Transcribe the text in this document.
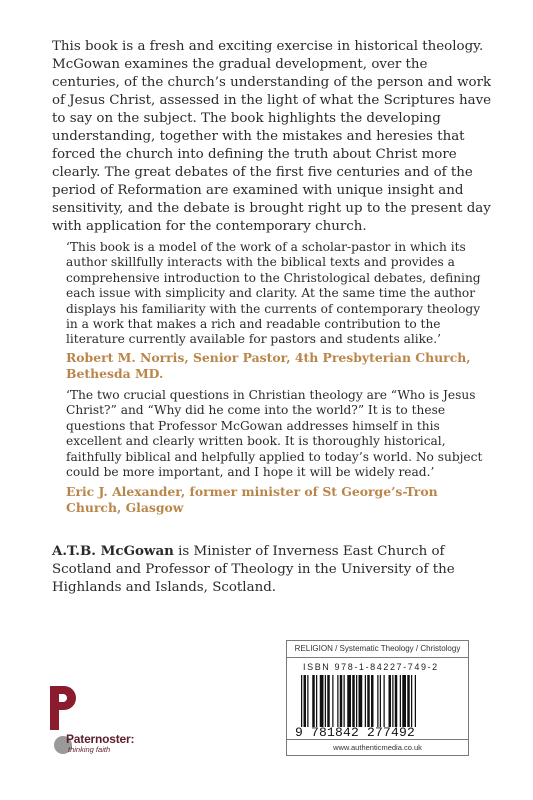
This book is a fresh and exciting exercise in historical theology. McGowan examines the gradual development, over the centuries, of the church’s understanding of the person and work of Jesus Christ, assessed in the light of what the Scriptures have to say on the subject. The book highlights the developing understanding, together with the mistakes and heresies that forced the church into defining the truth about Christ more clearly. The great debates of the first five centuries and of the period of Reformation are examined with unique insight and sensitivity, and the debate is brought right up to the present day with application for the contemporary church.

‘This book is a model of the work of a scholar-pastor in which its author skillfully interacts with the biblical texts and provides a comprehensive introduction to the Christological debates, defining each issue with simplicity and clarity. At the same time the author displays his familiarity with the currents of contemporary theology in a work that makes a rich and readable contribution to the literature currently available for pastors and students alike.’

Robert M. Norris, Senior Pastor, 4th Presbyterian Church, Bethesda MD.

‘The two crucial questions in Christian theology are “Who is Jesus Christ?” and “Why did he come into the world?” It is to these questions that Professor McGowan addresses himself in this excellent and clearly written book. It is thoroughly historical, faithfully biblical and helpfully applied to today’s world. No subject could be more important, and I hope it will be widely read.’

Eric J. Alexander, former minister of St George’s-Tron Church, Glasgow

A.T.B. McGowan is Minister of Inverness East Church of Scotland and Professor of Theology in the University of the Highlands and Islands, Scotland.

Paternoster:
thinking faith
RELIGION / Systematic Theology / Christology
ISBN 978-1-84227-749-2
9 781842 277492
www.authenticmedia.co.uk
